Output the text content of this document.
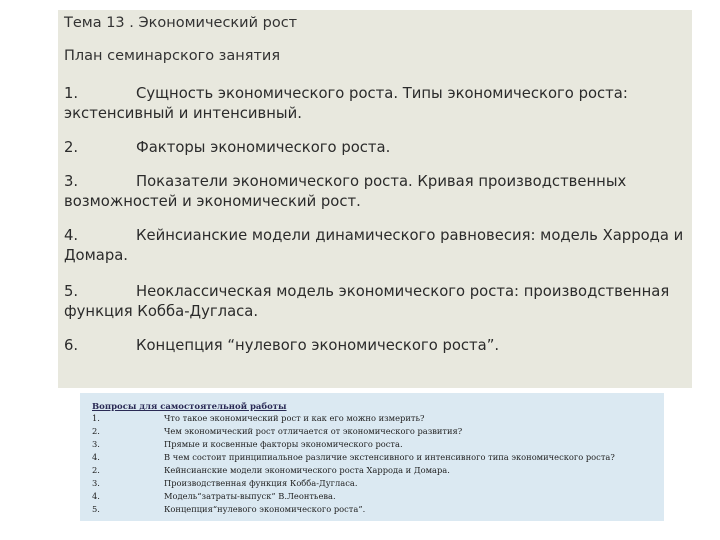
Тема 13 . Экономический рост
План семинарского занятия
1.	Сущность экономического роста. Типы экономического роста:
экстенсивный и интенсивный.
2.	Факторы экономического роста.
3.	Показатели экономического роста. Кривая производственных
возможностей и экономический рост.
4.	Кейнсианские модели динамического равновесия: модель Харрода и
Домара.
5.	Неоклассическая модель экономического роста: производственная
функция Кобба-Дугласа.
6.	Концепция “нулевого экономического роста”.
Вопросы для самостоятельной работы
1.	Что такое экономический рост и как его можно измерить?
2.	Чем экономический рост отличается от экономического развития?
3.	Прямые и косвенные факторы экономического роста.
4.	В чем состоит принципиальное различие экстенсивного и интенсивного типа экономического роста?
2.	Кейнсианские модели экономического роста Харрода и Домара.
3.	Производственная функция Кобба-Дугласа.
4.	Модель“затраты-выпуск” В.Леонтьева.
5.	Концепция“нулевого экономического роста”.
